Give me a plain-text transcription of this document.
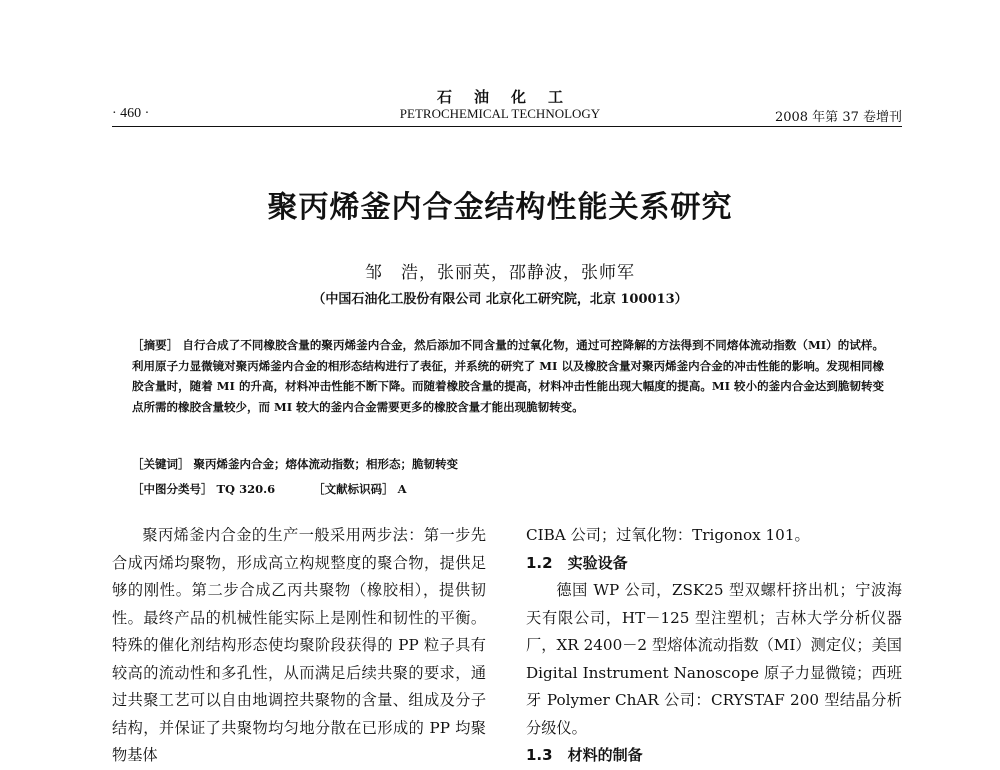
石油化工
· 460 ·	PETROCHEMICAL TECHNOLOGY	2008 年第 37 卷增刊
聚丙烯釜内合金结构性能关系研究
邹　浩，张丽英，邵静波，张师军
（中国石油化工股份有限公司 北京化工研究院，北京 100013）
［摘要］ 自行合成了不同橡胶含量的聚丙烯釜内合金，然后添加不同含量的过氧化物，通过可控降解的方法得到不同熔体流动指数（MI）的试样。利用原子力显微镜对聚丙烯釜内合金的相形态结构进行了表征，并系统的研究了 MI 以及橡胶含量对聚丙烯釜内合金的冲击性能的影响。发现相同橡胶含量时，随着 MI 的升高，材料冲击性能不断下降。而随着橡胶含量的提高，材料冲击性能出现大幅度的提高。MI 较小的釜内合金达到脆韧转变点所需的橡胶含量较少，而 MI 较大的釜内合金需要更多的橡胶含量才能出现脆韧转变。
［关键词］ 聚丙烯釜内合金；熔体流动指数；相形态；脆韧转变
［中图分类号］ TQ 320.6	［文献标识码］ A

聚丙烯釜内合金的生产一般采用两步法：第一步先合成丙烯均聚物，形成高立构规整度的聚合物，提供足够的刚性。第二步合成乙丙共聚物（橡胶相），提供韧性。最终产品的机械性能实际上是刚性和韧性的平衡。特殊的催化剂结构形态使均聚阶段获得的 PP 粒子具有较高的流动性和多孔性，从而满足后续共聚的要求，通过共聚工艺可以自由地调控共聚物的含量、组成及分子结构，并保证了共聚物均匀地分散在已形成的 PP 均聚物基体

CIBA 公司；过氧化物：Trigonox 101。

1.2　实验设备

德国 WP 公司，ZSK25 型双螺杆挤出机；宁波海天有限公司，HT－125 型注塑机；吉林大学分析仪器厂，XR 2400－2 型熔体流动指数（MI）测定仪；美国 Digital Instrument Nanoscope 原子力显微镜；西班牙 Polymer ChAR 公司：CRYSTAF 200 型结晶分析分级仪。

1.3　材料的制备
